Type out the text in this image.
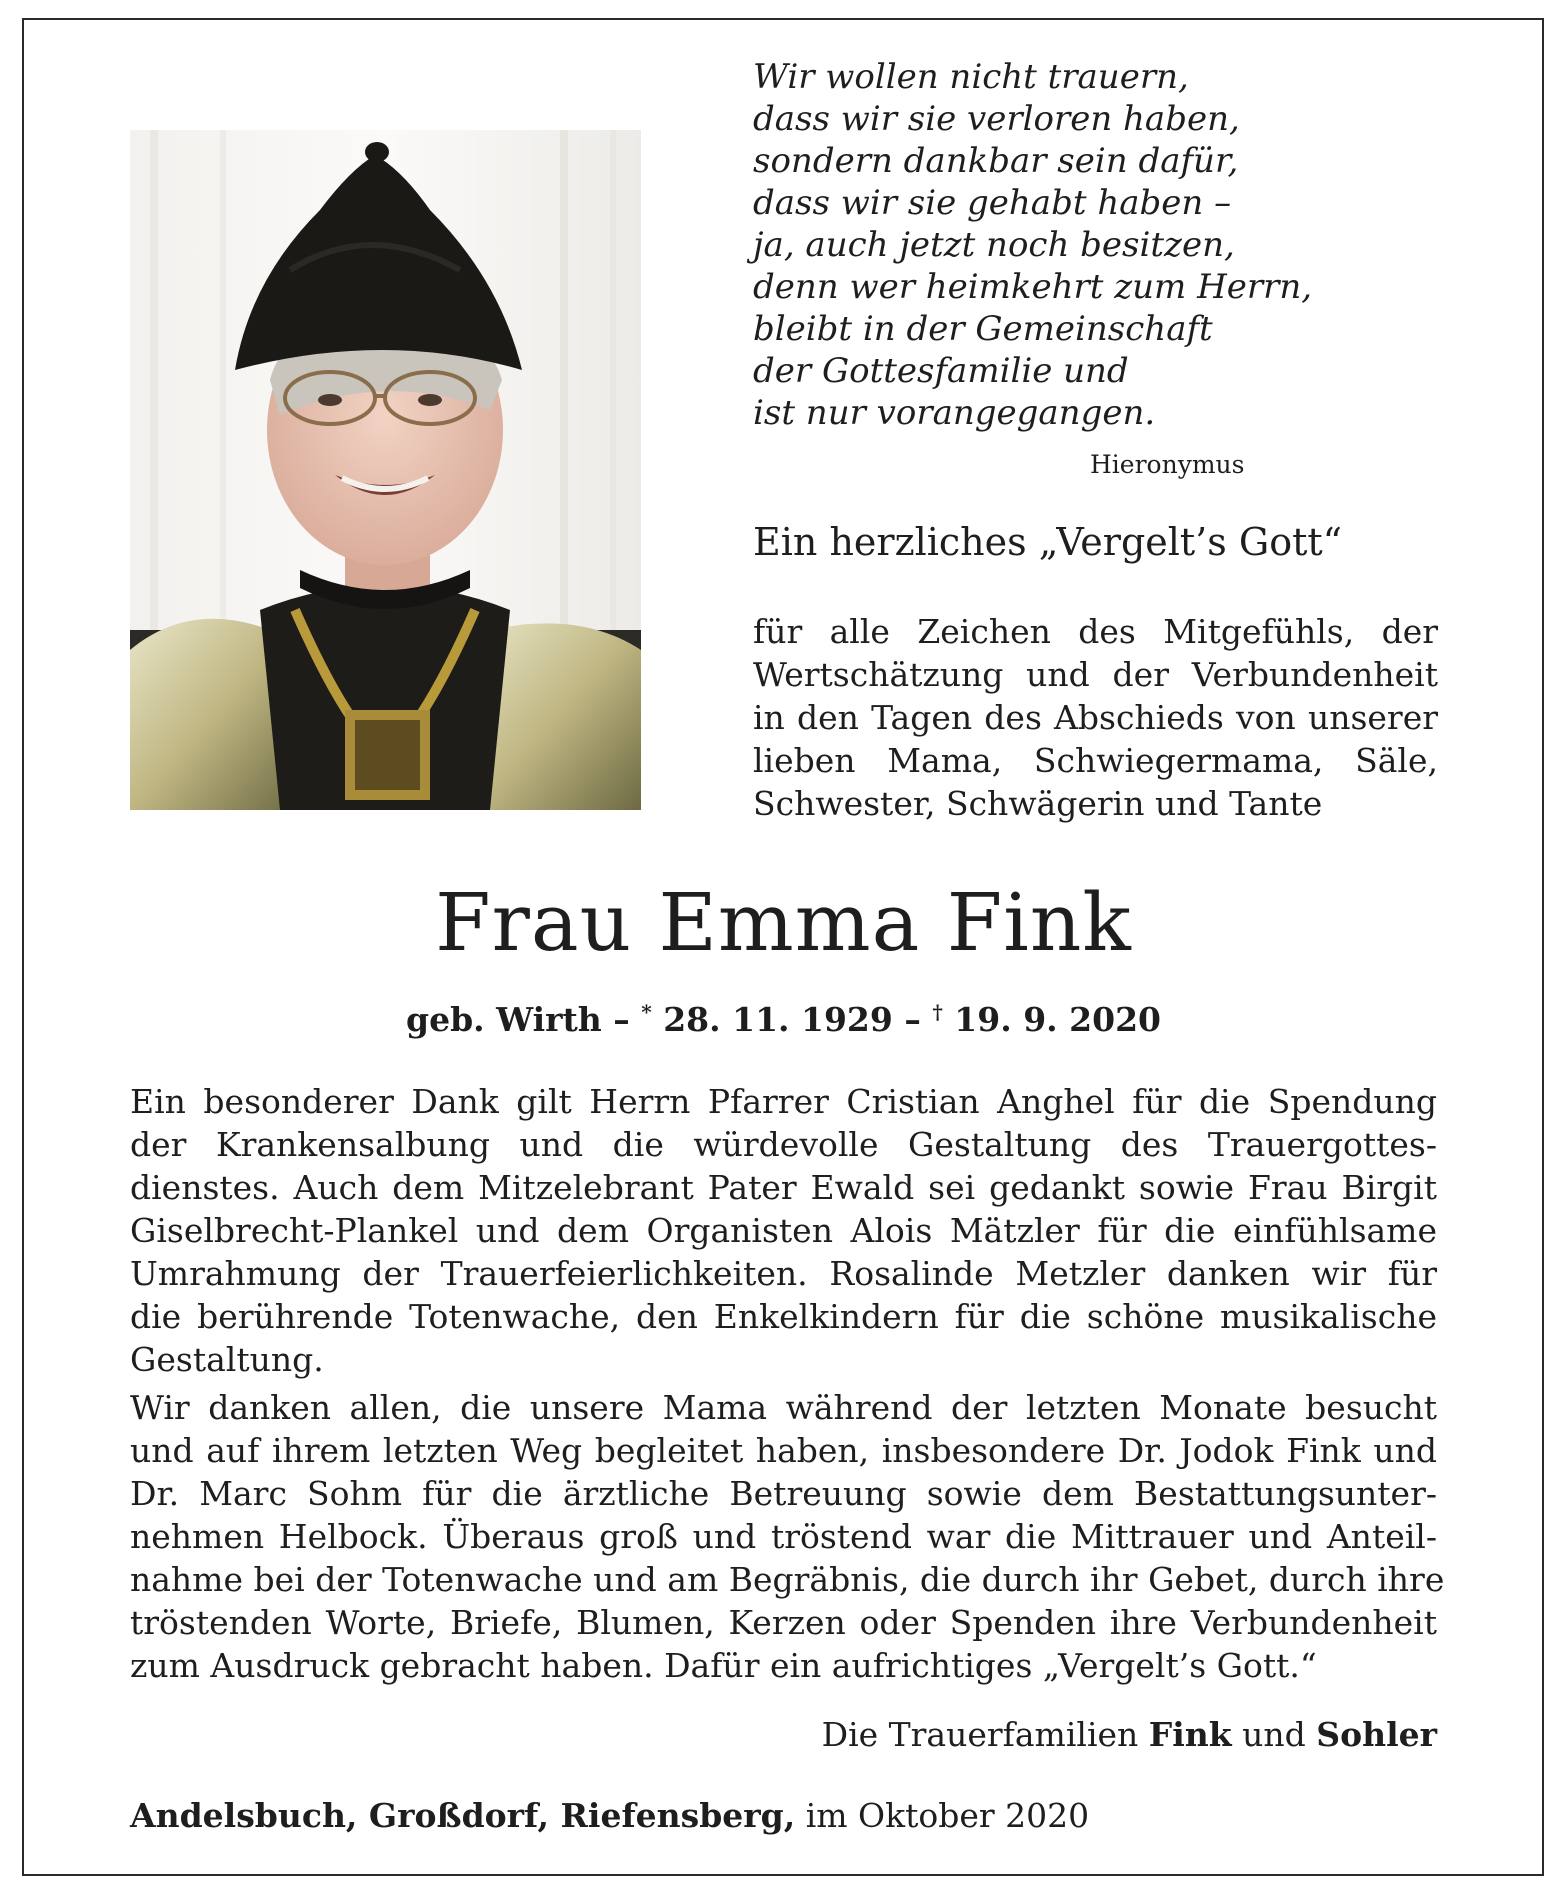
Wir wollen nicht trauern,
dass wir sie verloren haben,
sondern dankbar sein dafür,
dass wir sie gehabt haben –
ja, auch jetzt noch besitzen,
denn wer heimkehrt zum Herrn,
bleibt in der Gemeinschaft
der Gottesfamilie und
ist nur vorangegangen.
Hieronymus
Ein herzliches „Vergelt’s Gott“
für alle Zeichen des Mitgefühls, der
Wertschätzung und der Verbundenheit
in den Tagen des Abschieds von unserer
lieben Mama, Schwiegermama, Säle,
Schwester, Schwägerin und Tante
Frau Emma Fink
geb. Wirth – * 28. 11. 1929 – † 19. 9. 2020
Ein besonderer Dank gilt Herrn Pfarrer Cristian Anghel für die Spendung
der Krankensalbung und die würdevolle Gestaltung des Trauergottes-
dienstes. Auch dem Mitzelebrant Pater Ewald sei gedankt sowie Frau Birgit
Giselbrecht-Plankel und dem Organisten Alois Mätzler für die einfühlsame
Umrahmung der Trauerfeierlichkeiten. Rosalinde Metzler danken wir für
die berührende Totenwache, den Enkelkindern für die schöne musikalische
Gestaltung.
Wir danken allen, die unsere Mama während der letzten Monate besucht
und auf ihrem letzten Weg begleitet haben, insbesondere Dr. Jodok Fink und
Dr. Marc Sohm für die ärztliche Betreuung sowie dem Bestattungsunter-
nehmen Helbock. Überaus groß und tröstend war die Mittrauer und Anteil-
nahme bei der Totenwache und am Begräbnis, die durch ihr Gebet, durch ihre
tröstenden Worte, Briefe, Blumen, Kerzen oder Spenden ihre Verbundenheit
zum Ausdruck gebracht haben. Dafür ein aufrichtiges „Vergelt’s Gott.“
Die Trauerfamilien Fink und Sohler
Andelsbuch, Großdorf, Riefensberg, im Oktober 2020
